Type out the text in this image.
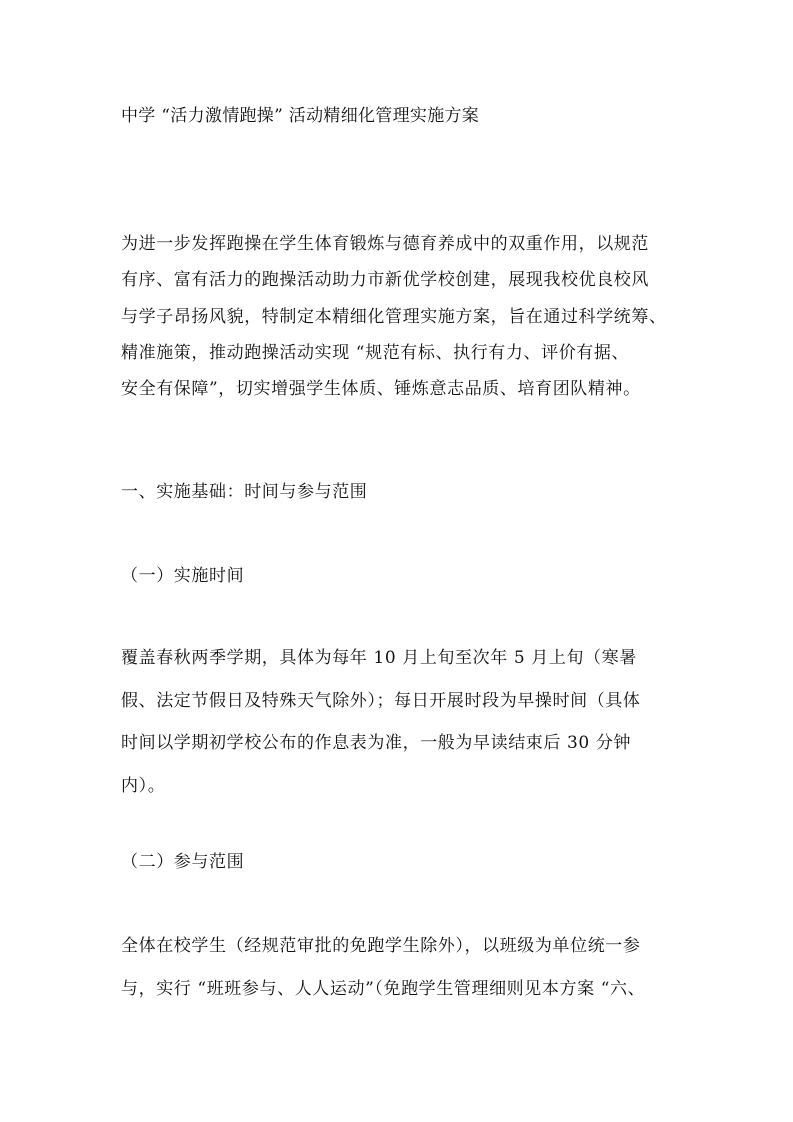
中学 “活力激情跑操” 活动精细化管理实施方案
为进一步发挥跑操在学生体育锻炼与德育养成中的双重作用，以规范
有序、富有活力的跑操活动助力市新优学校创建，展现我校优良校风
与学子昂扬风貌，特制定本精细化管理实施方案，旨在通过科学统筹、
精准施策，推动跑操活动实现 “规范有标、执行有力、评价有据、
安全有保障”，切实增强学生体质、锤炼意志品质、培育团队精神。
一、实施基础：时间与参与范围
（一）实施时间
覆盖春秋两季学期，具体为每年 10 月上旬至次年 5 月上旬（寒暑
假、法定节假日及特殊天气除外）；每日开展时段为早操时间（具体
时间以学期初学校公布的作息表为准，一般为早读结束后 30 分钟
内）。
（二）参与范围
全体在校学生（经规范审批的免跑学生除外），以班级为单位统一参
与，实行 “班班参与、人人运动”（免跑学生管理细则见本方案 “六、
